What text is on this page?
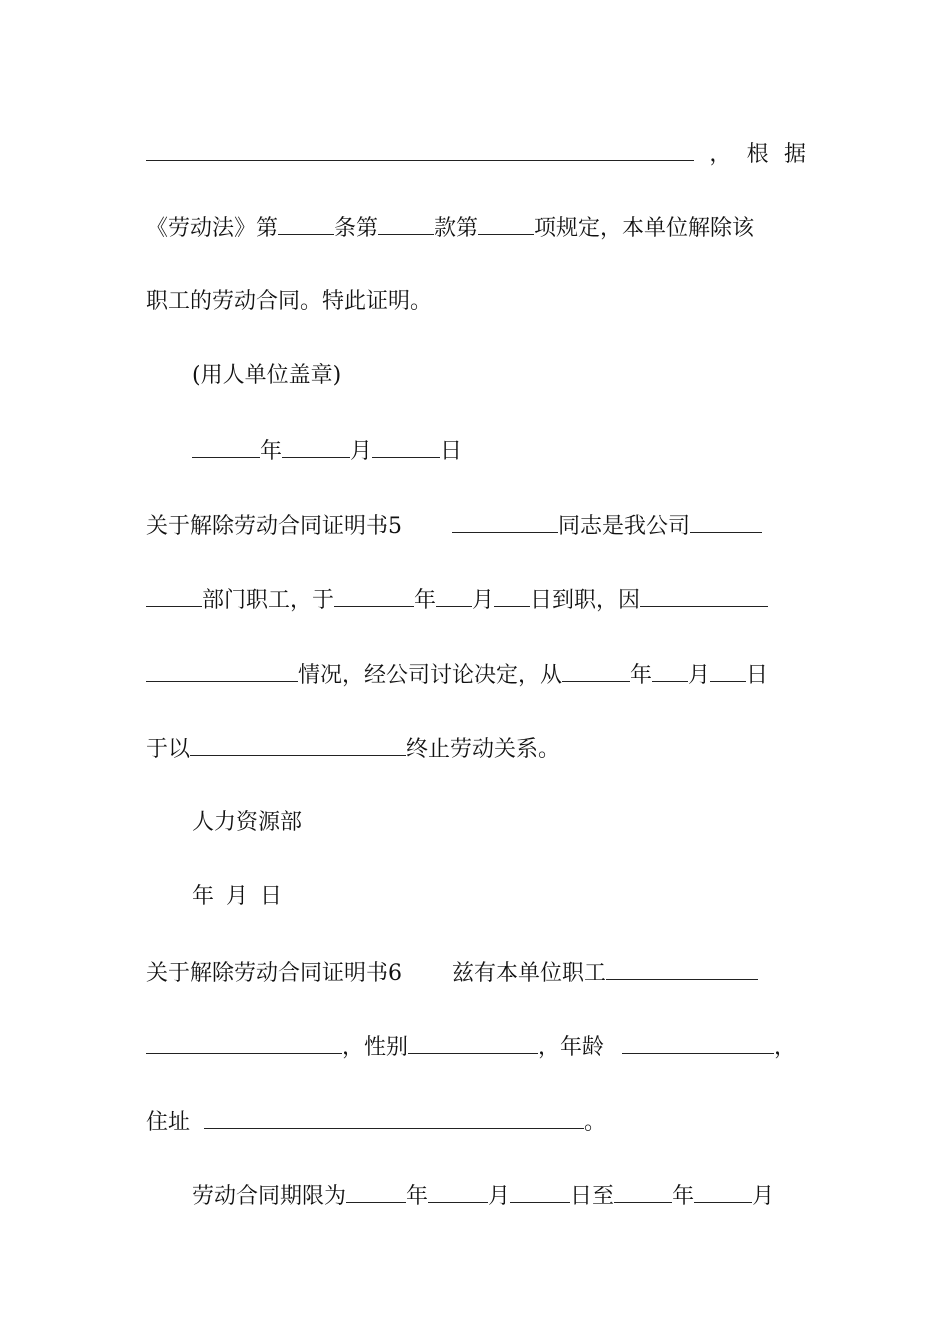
， 根 据
《劳动法》第	条第	款第	项规定，本单位解除该
职工的劳动合同。特此证明。
(用人单位盖章)
年	月	日
关于解除劳动合同证明书5	同志是我公司
部门职工，于	年 月 日到职，因
情况，经公司讨论决定，从	年 月 日
于以	终止劳动关系。
人力资源部
年 月 日
关于解除劳动合同证明书6 兹有本单位职工
，性别	，年龄	，
住址	。
劳动合同期限为	年	月	日至	年	月
